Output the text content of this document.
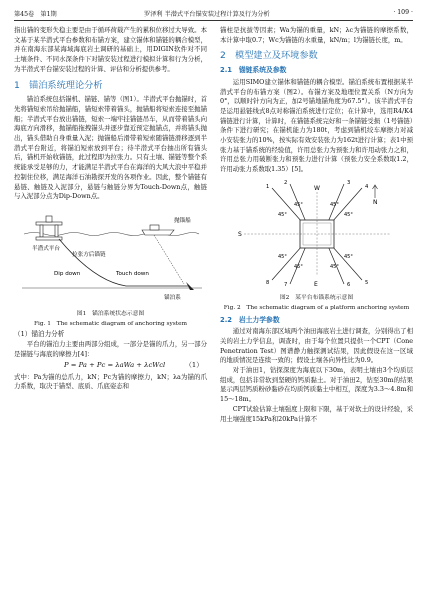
第45卷　第1期	罗泽利 半潜式平台锚安装过程计算及行为分析	· 109 ·

指出锚的变形失稳主要是由于循环荷载产生的累积位移过大导致。本文基于某半潜式平台参数和布锚方案，建立锚体和锚链的耦合模型，并在南海东部某海域海底岩土调研的基础上，用DIGIN软件对不同土壤条件、不同水深条件下对锚安装过程进行模拟计算和行为分析，为半潜式平台锚安装过程的计算、评估和分析提供参考。

1　锚泊系统理论分析

锚泊系统包括锚机、锚链、锚等（图1）。半潜式平台抛锚时，首先将锚短索吊给抛锚船，锚短索带着锚头，抛锚船将短索连接至抛锚船；半潜式平台放出锚链，短索一端牢挂锚链吊车，从而带着锚头向海底方向滑移，抛锚船拖拽锚头并逐步靠近预定抛锚点，并将锚头抛出，锚头借助自身重量入泥；抛锚船后滑带着短索随锚链滑移逐到半潜式平台附近，将锚泊短索放到平台；待半潜式平台抽出所有锚头后，锚机开始收锚链，此过程即为拉张力。只有土壤、锚链等整个系统能承受足够的力，才能满足半潜式平台在海洋的大风大浪中平稳并控制住位移，满足海洋石油勘探开发的各项作业。因此，整个锚链有悬链、触链及入泥部分，悬链与触链分界为Touch-Down点，触链与入泥部分点为Dip-Down点。

抛锚船
半潜式平台
拉张方后锚链
Dip down	Touch down
锚泊系
图1　锚泊系统状态示意图
Fig. 1　The schematic diagram of anchoring system
（1）锚泊力分析

平台的锚泊力主要由两部分组成，一部分是锚的爪力，另一部分是锚链与海底的摩擦力[4]：

P = Pa + Pc = λaWa + λcWcl	（1）

式中：Pa为锚的总爪力，kN；Pc为锚的摩擦力，kN；λa为锚的爪力系数，取决于锚型、底质、爪底姿态和

锚柱是抗拔等因素；Wa为锚的重量，kN；λc为锚链的摩擦系数，本计算中取0.7；Wc为锚链的水重量，kN/m；l为锚链长度，m。

2　模型建立及环境参数
2.1　锚链系统及参数

运用SIMO建立锚体和锚链的耦合模型。锚泊系统布置根据某半潜式平台的布锚方案（图2）。布锚方案及地理位置关系（N方向为0°，以顺时针方向为正，加2号锚地锚角度为67.5°）。该半潜式平台是运用悬链线式8点对称锚泊系统进行定位；在计算中，选用R4/K4锚链进行计算，计算时，在锚链系统完好和一条锚链受损（1号锚链）条件下进行研究；在锚机能力为180t，考虑到锚机绞车摩擦力对减小安装张力的10%，按实际有效安装张力为162t进行计算；表1中预张力基于锚系统的经验值，许用总张力为预张力和许用动张力之和，许用总张力用破断张力和预张力进行计算（预张力安全系数取1.2，许用动张力系数取1.35）[5]。

N
S
W
E
45°
45°	45°
45°
45°
45°
45°
45°
1
2	3
4
5
6
7
8
图2　某平台布锚系统示意图
Fig. 2　The schematic diagram of a platform anchoring system
2.2　岩土力学参数

通过对南海东部区域两个油田海底岩土进行调查，分别得出了相关的岩土力学信息，调查时，由于每个位置只提供一个CPT（Cone Penetration Test）图谱静力触探测试结果，因此假设在这一区域的地质情况是连续一致的；假设土壤各向异性比为0.9。

对于油田1，钻探深度为海底以下30m，表明土壤由3个均质层组成，包括非常软到坚硬的钙质黏土。对于油田2，钻至30m的结果显示两层钙质粉砂黏砂在均质钙质黏土中相互，深度为3.3～4.8m和15～18m。

CPT试验估算土壤强度上限和下限，基于对软土的设计经验，采用土壤强度15kPa和20kPa计算不
